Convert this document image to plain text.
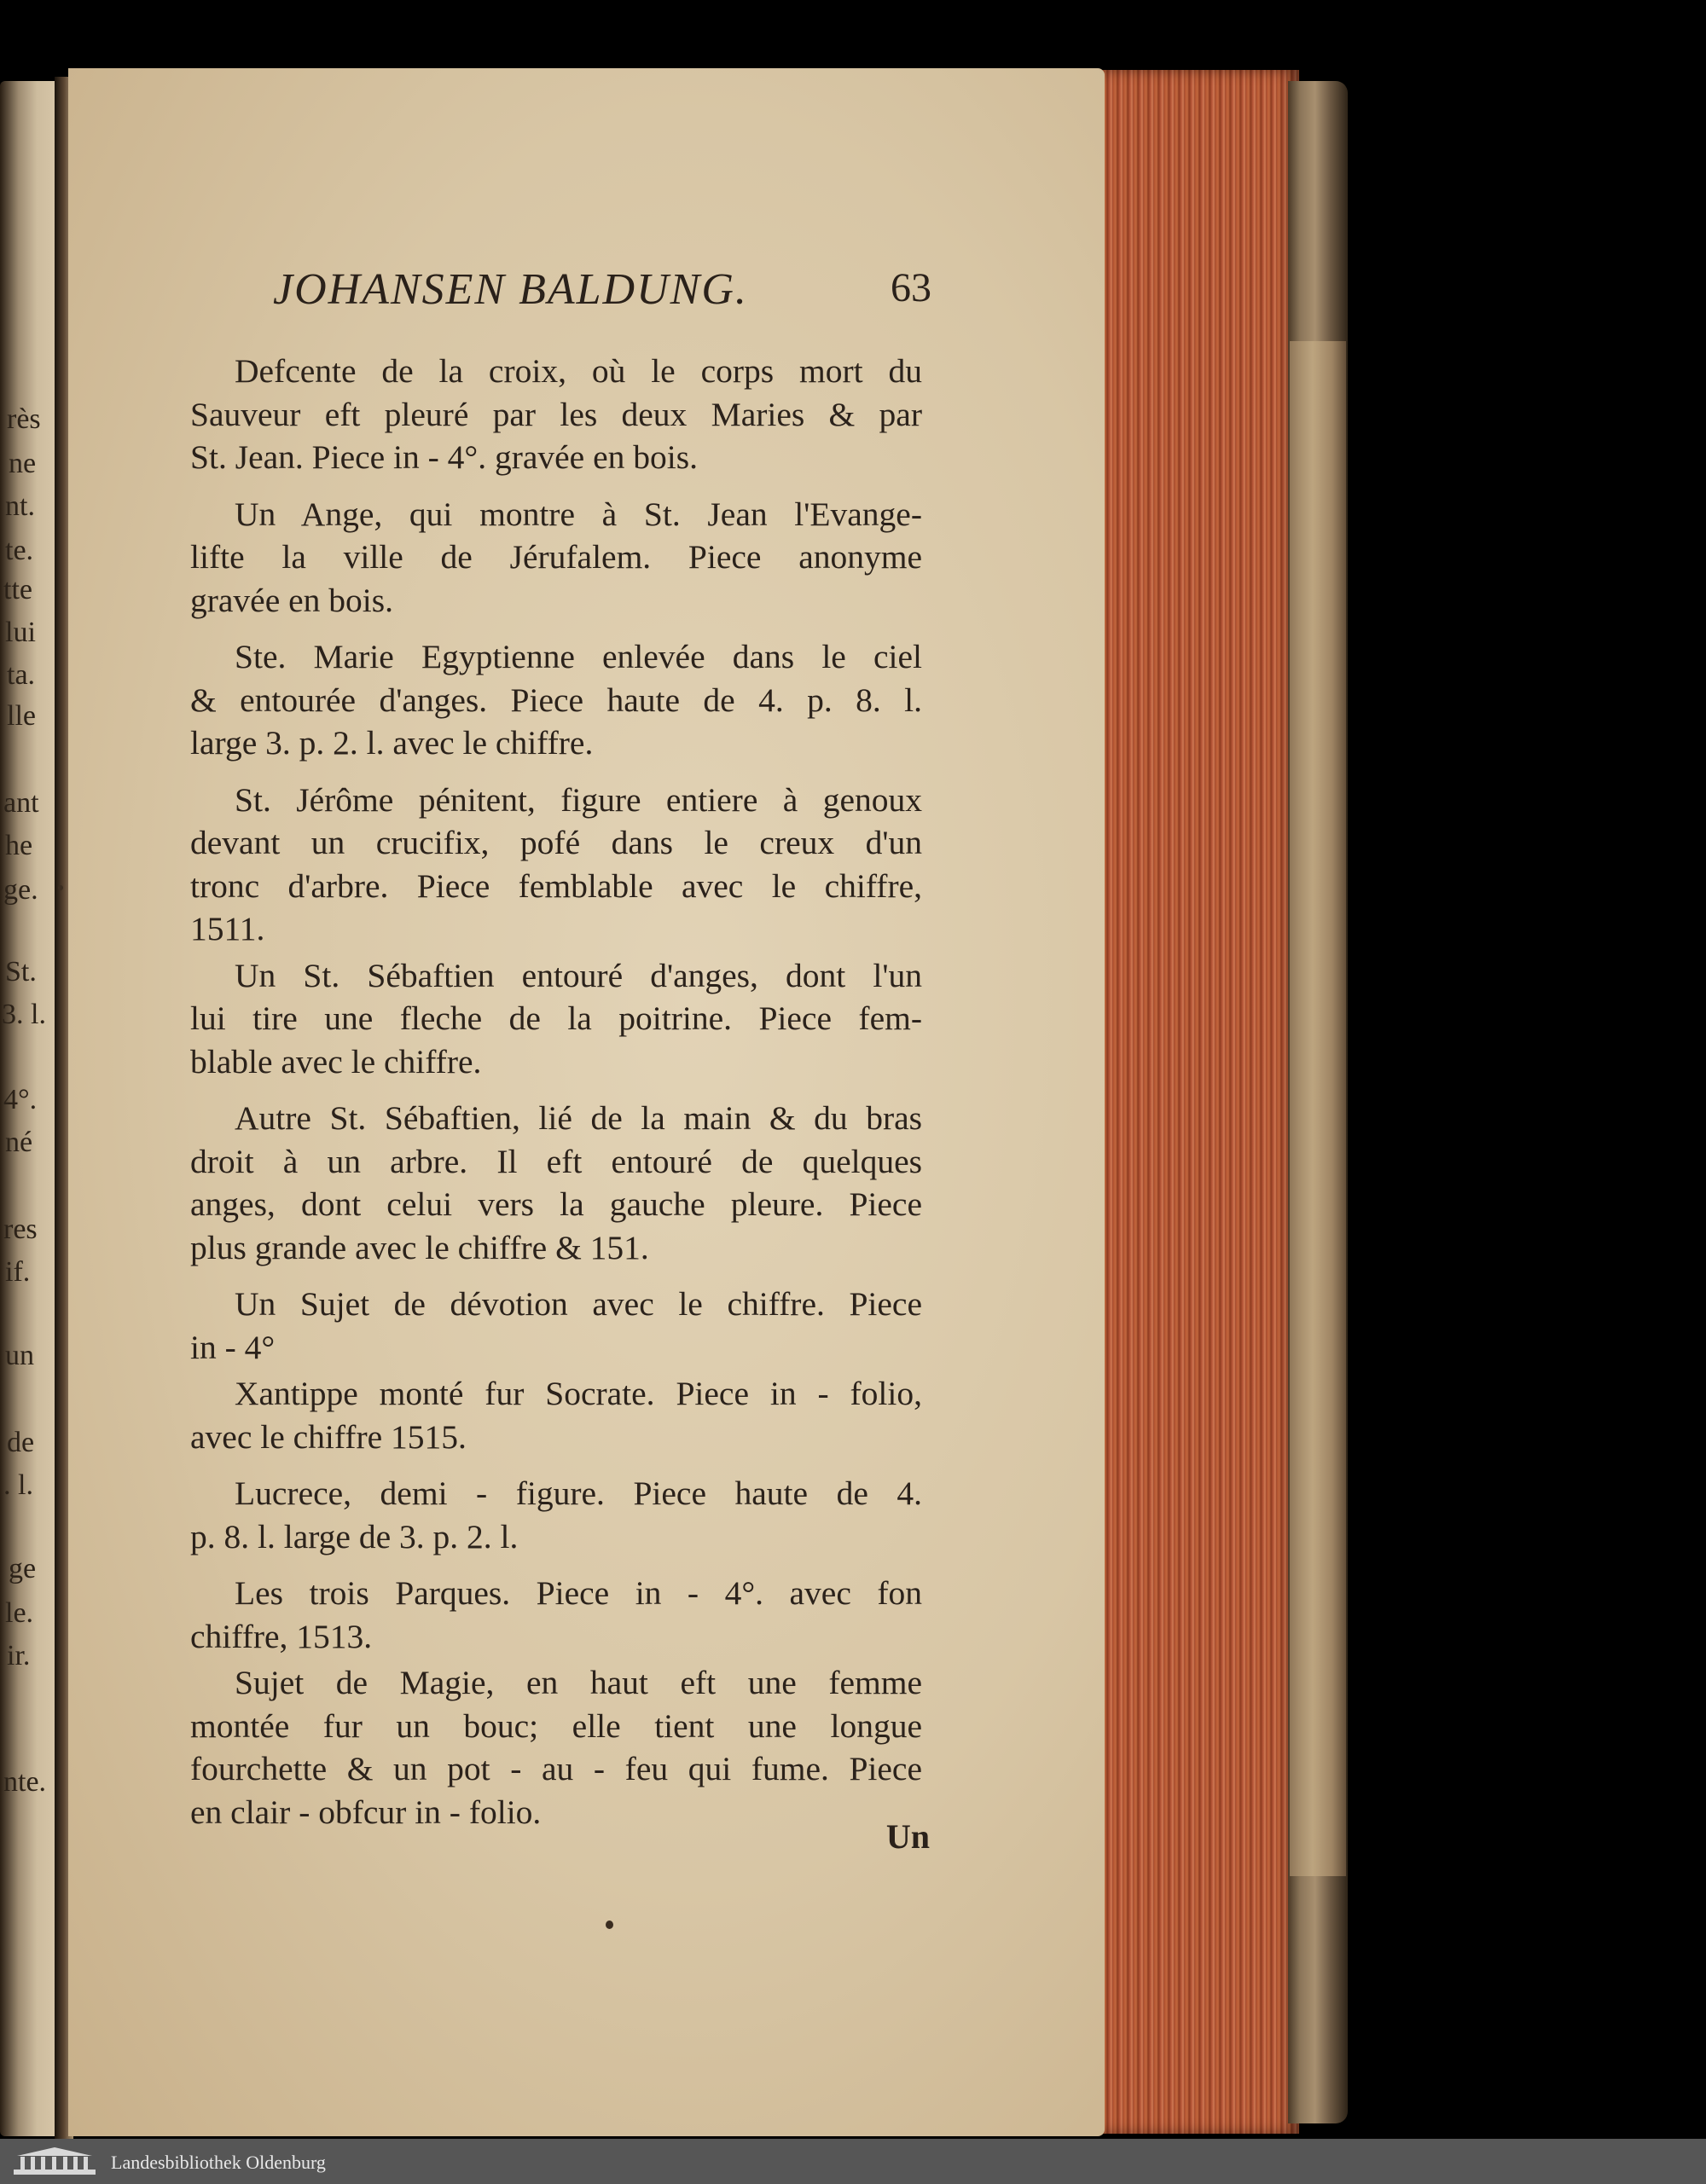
rès
ne
nt.
te.
tte
lui
ta.
lle
ant
he
ge.
St.
3. l.
4°.
né
res
if.
un
de
. l.
ge
le.
ir.
nte.
JOHANSEN BALDUNG.	63
Defcente de la croix, où le corps mort du
Sauveur eft pleuré par les deux Maries & par
St. Jean. Piece in - 4°. gravée en bois.
Un Ange, qui montre à St. Jean l'Evange-
lifte la ville de Jérufalem. Piece anonyme
gravée en bois.
Ste. Marie Egyptienne enlevée dans le ciel
& entourée d'anges. Piece haute de 4. p. 8. l.
large 3. p. 2. l. avec le chiffre.
St. Jérôme pénitent, figure entiere à genoux
devant un crucifix, pofé dans le creux d'un
tronc d'arbre. Piece femblable avec le chiffre,
1511.
Un St. Sébaftien entouré d'anges, dont l'un
lui tire une fleche de la poitrine. Piece fem-
blable avec le chiffre.
Autre St. Sébaftien, lié de la main & du bras
droit à un arbre. Il eft entouré de quelques
anges, dont celui vers la gauche pleure. Piece
plus grande avec le chiffre & 151.
Un Sujet de dévotion avec le chiffre. Piece
in - 4°
Xantippe monté fur Socrate. Piece in - folio,
avec le chiffre 1515.
Lucrece, demi - figure. Piece haute de 4.
p. 8. l. large de 3. p. 2. l.
Les trois Parques. Piece in - 4°. avec fon
chiffre, 1513.
Sujet de Magie, en haut eft une femme
montée fur un bouc; elle tient une longue
fourchette & un pot - au - feu qui fume. Piece
en clair - obfcur in - folio.
Un
Landesbibliothek Oldenburg
